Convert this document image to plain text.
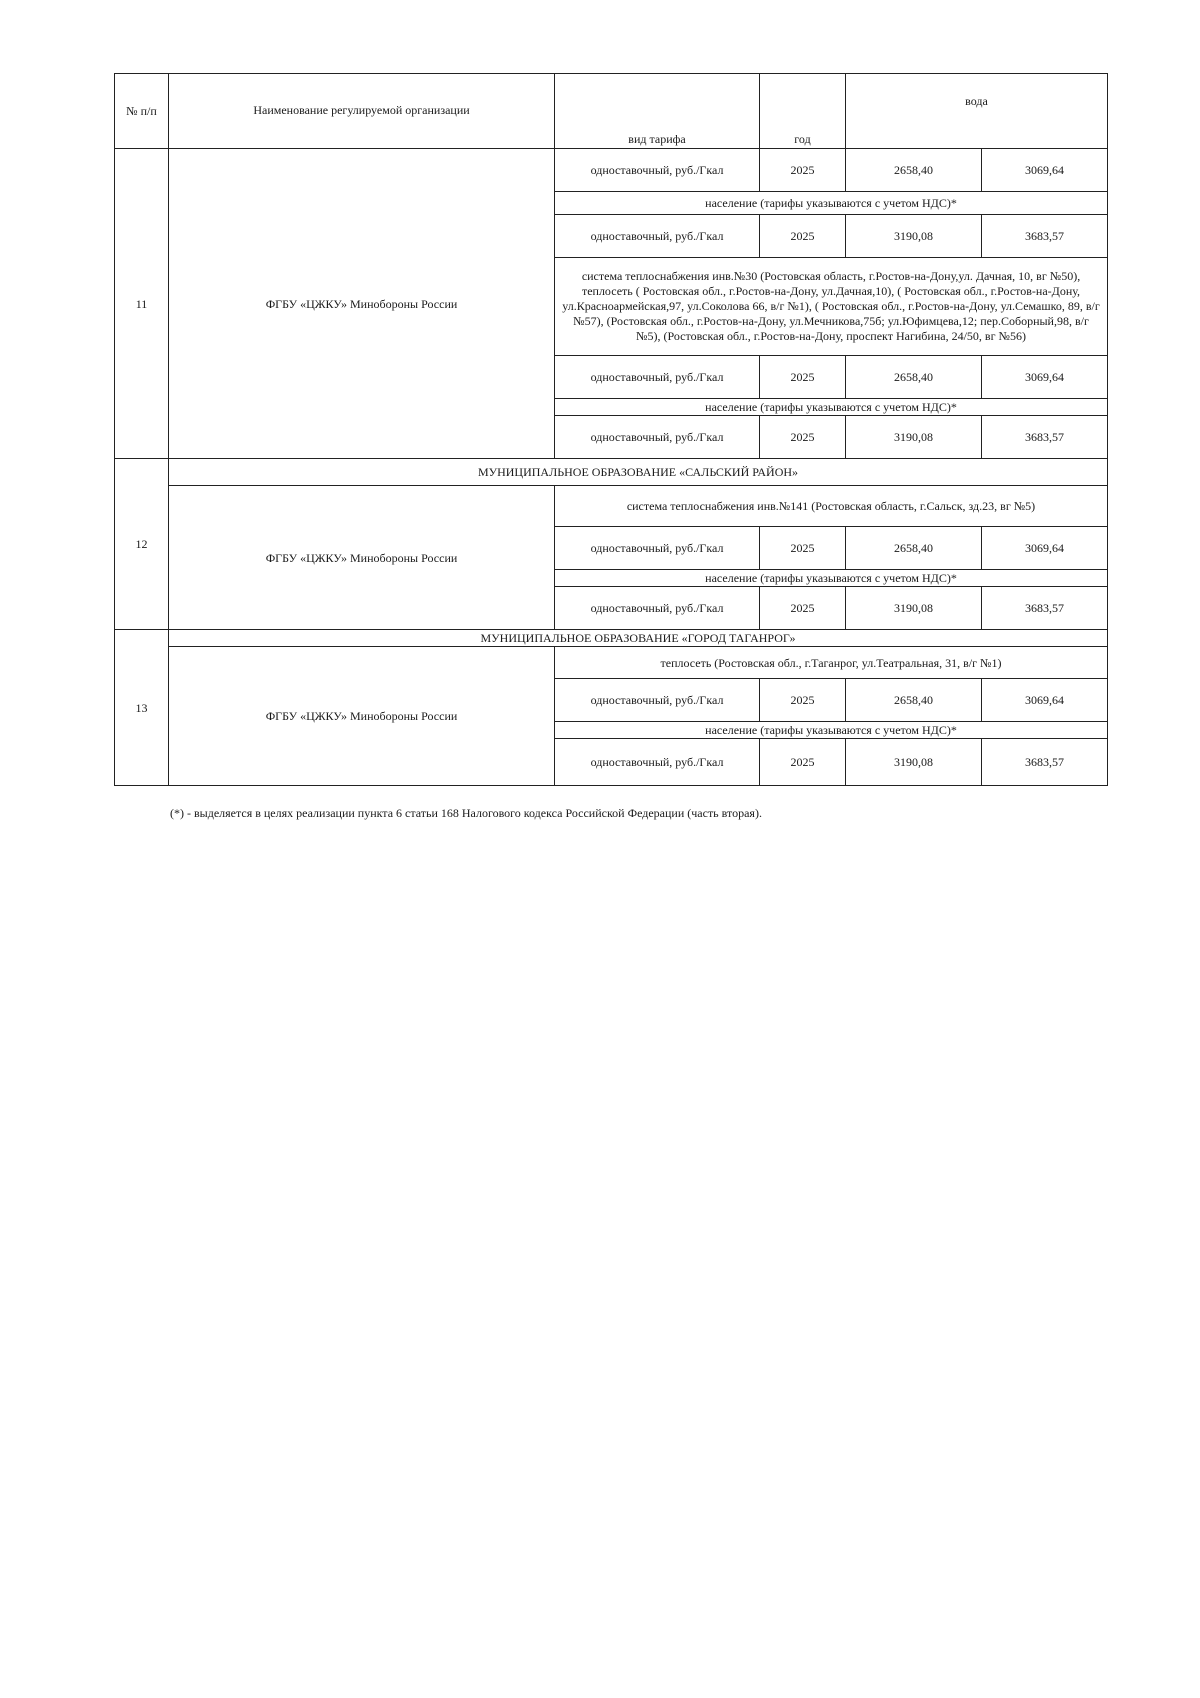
№ п/п	Наименование регулируемой организации	вид тарифа	год	вода	
11	ФГБУ «ЦЖКУ» Минобороны России	одноставочный, руб./Гкал	2025	2658,40	3069,64
		население (тарифы указываются с учетом НДС)*			
		одноставочный, руб./Гкал	2025	3190,08	3683,57
		система теплоснабжения инв.№30 (Ростовская область, г.Ростов-на-Дону,ул. Дачная, 10, вг №50), теплосеть ( Ростовская обл., г.Ростов-на-Дону, ул.Дачная,10), ( Ростовская обл., г.Ростов-на-Дону, ул.Красноармейская,97, ул.Соколова 66, в/г №1), ( Ростовская обл., г.Ростов-на-Дону, ул.Семашко, 89, в/г №57), (Ростовская обл., г.Ростов-на-Дону, ул.Мечникова,75б; ул.Юфимцева,12; пер.Соборный,98, в/г №5), (Ростовская обл., г.Ростов-на-Дону, проспект Нагибина, 24/50, вг №56)			
		одноставочный, руб./Гкал	2025	2658,40	3069,64
		население (тарифы указываются с учетом НДС)*			
		одноставочный, руб./Гкал	2025	3190,08	3683,57
12	МУНИЦИПАЛЬНОЕ ОБРАЗОВАНИЕ «САЛЬСКИЙ РАЙОН»				
	ФГБУ «ЦЖКУ» Минобороны России	система теплоснабжения инв.№141 (Ростовская область, г.Сальск, зд.23, вг №5)			
		одноставочный, руб./Гкал	2025	2658,40	3069,64
		население (тарифы указываются с учетом НДС)*			
		одноставочный, руб./Гкал	2025	3190,08	3683,57
13	МУНИЦИПАЛЬНОЕ ОБРАЗОВАНИЕ «ГОРОД ТАГАНРОГ»				
	ФГБУ «ЦЖКУ» Минобороны России	теплосеть (Ростовская обл., г.Таганрог, ул.Театральная, 31, в/г №1)			
		одноставочный, руб./Гкал	2025	2658,40	3069,64
		население (тарифы указываются с учетом НДС)*			
		одноставочный, руб./Гкал	2025	3190,08	3683,57
(*) - выделяется в целях реализации пункта 6 статьи 168 Налогового кодекса Российской Федерации (часть вторая).
